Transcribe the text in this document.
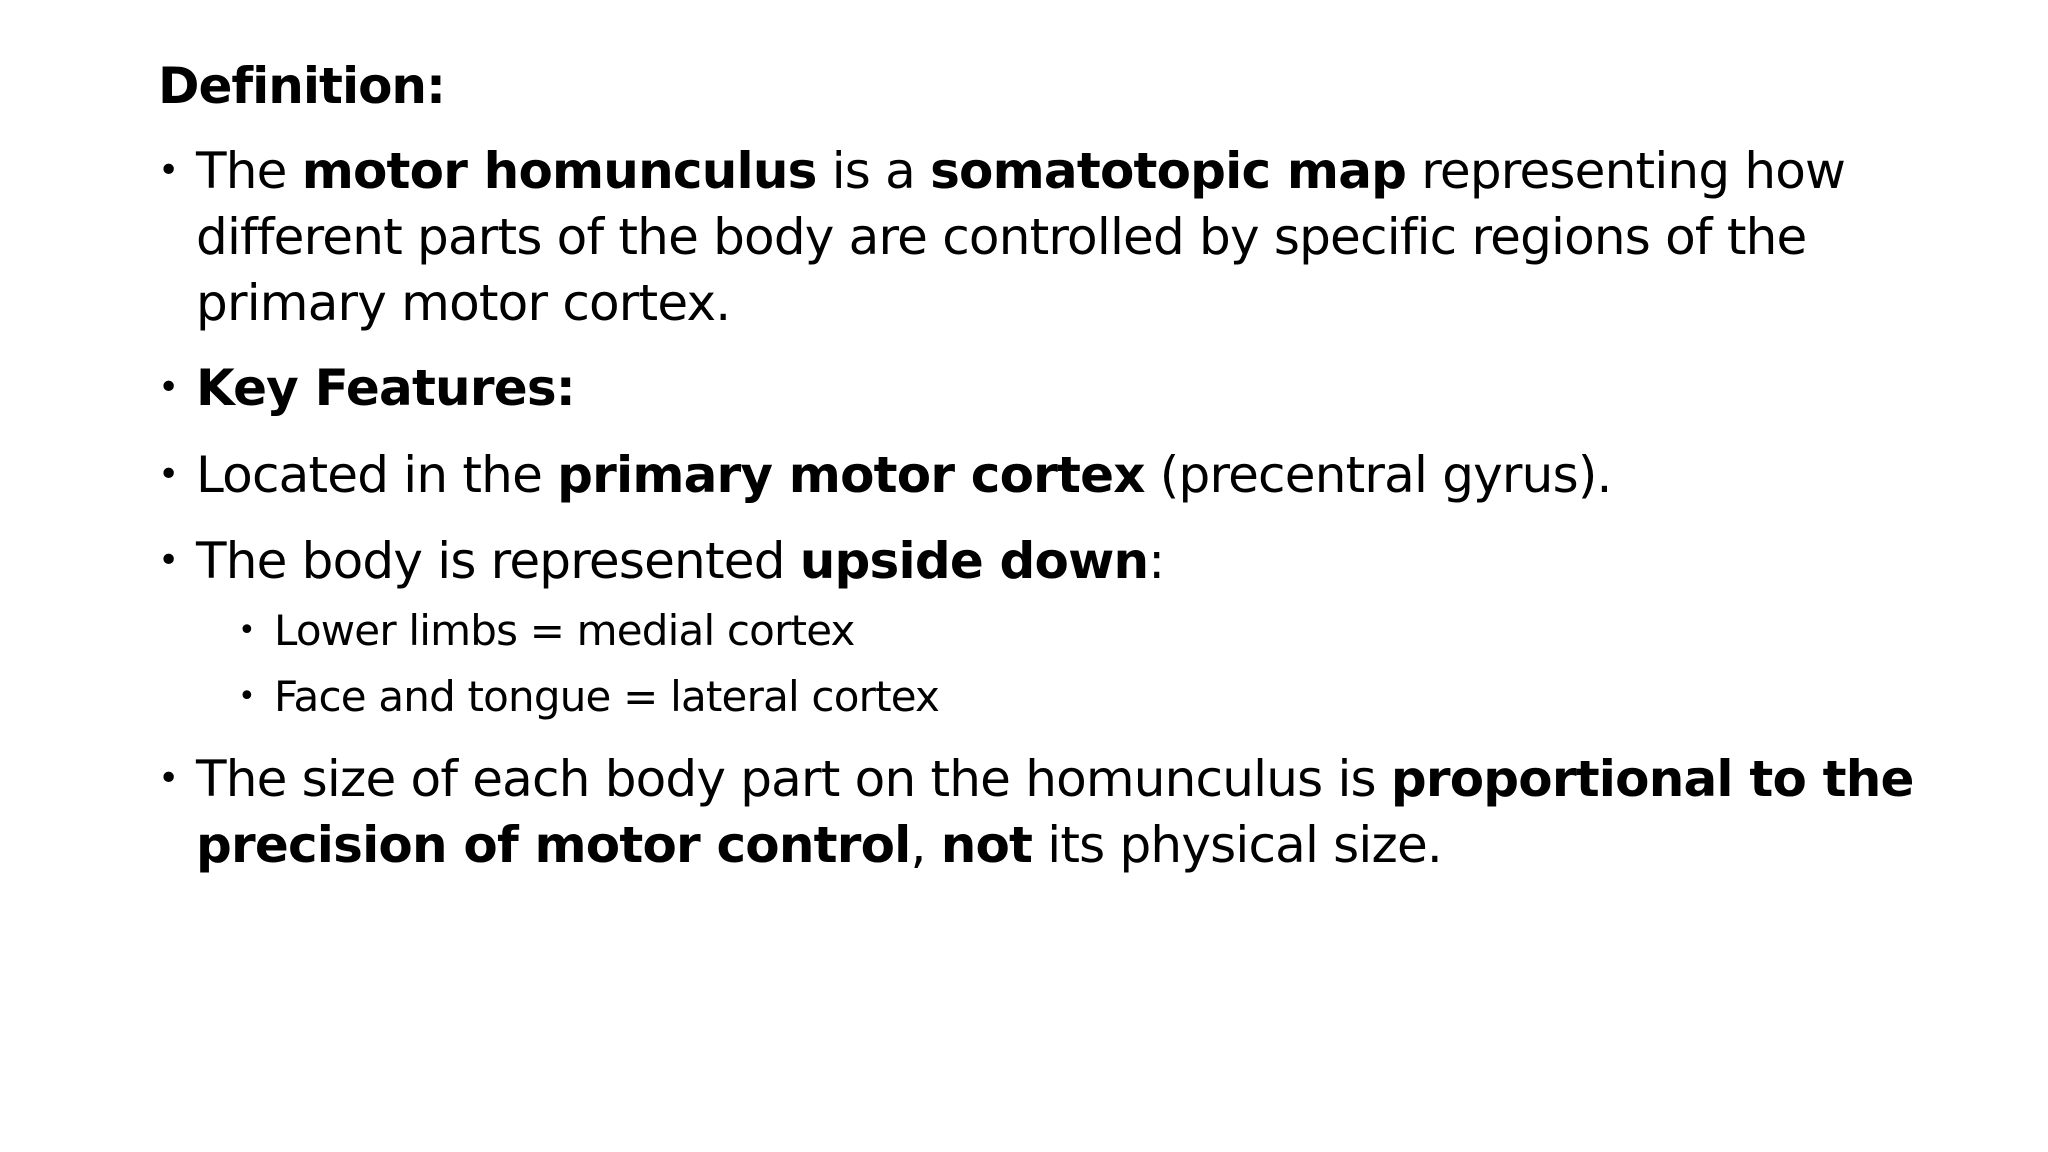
Definition:
• The motor homunculus is a somatotopic map representing how
different parts of the body are controlled by specific regions of the
primary motor cortex.
• Key Features:
• Located in the primary motor cortex (precentral gyrus).
• The body is represented upside down:
• Lower limbs = medial cortex
• Face and tongue = lateral cortex
• The size of each body part on the homunculus is proportional to the
precision of motor control, not its physical size.
